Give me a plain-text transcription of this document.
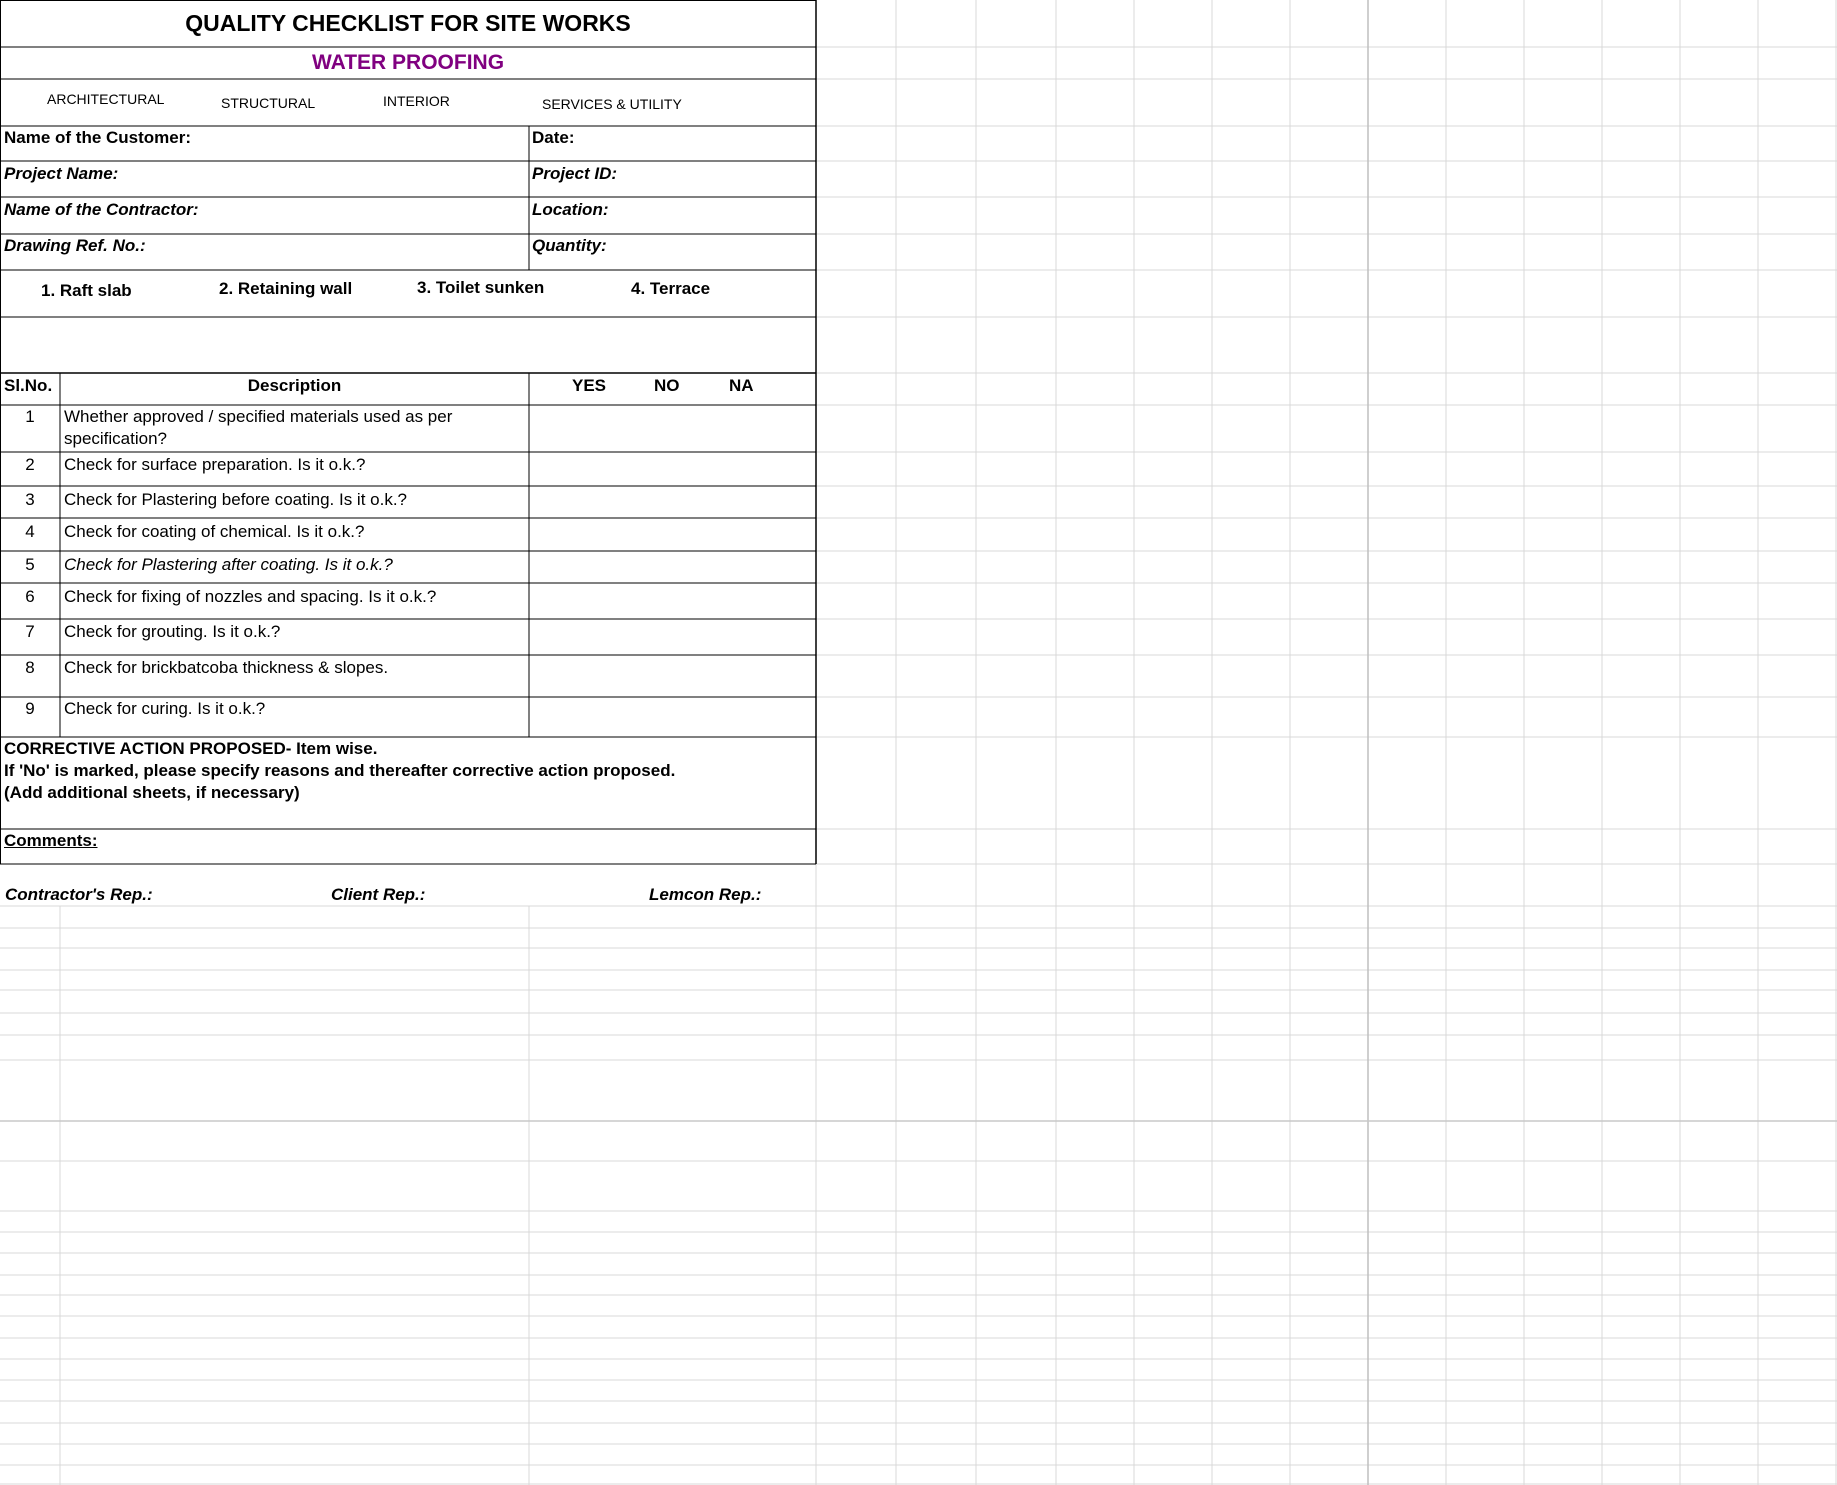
QUALITY CHECKLIST FOR SITE WORKS
WATER PROOFING
ARCHITECTURAL	STRUCTURAL	INTERIOR	SERVICES & UTILITY
Name of the Customer:	Date:
Project Name:	Project ID:
Name of the Contractor:	Location:
Drawing Ref. No.:	Quantity:
1. Raft slab	2. Retaining wall	3. Toilet sunken	4. Terrace
Sl.No.	Description	YES	NO	NA
1	Whether approved / specified materials used as per
specification?
2	Check for surface preparation. Is it o.k.?
3	Check for Plastering before coating. Is it o.k.?
4	Check for coating of chemical. Is it o.k.?
5	Check for Plastering after coating. Is it o.k.?
6	Check for fixing of nozzles and spacing. Is it o.k.?
7	Check for grouting. Is it o.k.?
8	Check for brickbatcoba thickness & slopes.
9	Check for curing. Is it o.k.?
CORRECTIVE ACTION PROPOSED- Item wise.
If 'No' is marked, please specify reasons and thereafter corrective action proposed.
(Add additional sheets, if necessary)
Comments:
Contractor's Rep.:	Client Rep.:	Lemcon Rep.:
